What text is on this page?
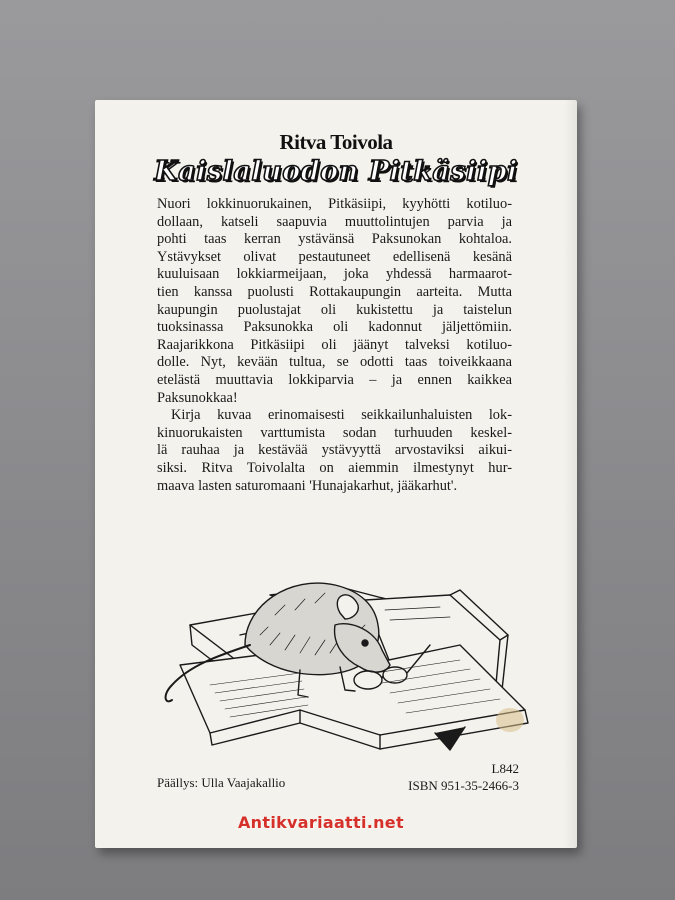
Ritva Toivola
Kaislaluodon Pitkäsiipi
Nuori lokkinuorukainen, Pitkäsiipi, kyyhötti kotiluo-
dollaan, katseli saapuvia muuttolintujen parvia ja
pohti taas kerran ystävänsä Paksunokan kohtaloa.
Ystävykset olivat pestautuneet edellisenä kesänä
kuuluisaan lokkiarmeijaan, joka yhdessä harmaarot-
tien kanssa puolusti Rottakaupungin aarteita. Mutta
kaupungin puolustajat oli kukistettu ja taistelun
tuoksinassa Paksunokka oli kadonnut jäljettömiin.
Raajarikkona Pitkäsiipi oli jäänyt talveksi kotiluo-
dolle. Nyt, kevään tultua, se odotti taas toiveikkaana
etelästä muuttavia lokkiparvia – ja ennen kaikkea
Paksunokkaa!
Kirja kuvaa erinomaisesti seikkailunhaluisten lok-
kinuorukaisten varttumista sodan turhuuden keskel-
lä rauhaa ja kestävää ystävyyttä arvostaviksi aikui-
siksi. Ritva Toivolalta on aiemmin ilmestynyt hur-
maava lasten saturomaani 'Hunajakarhut, jääkarhut'.
Päällys: Ulla Vaajakallio
L842
ISBN 951-35-2466-3
Antikvariaatti.net
